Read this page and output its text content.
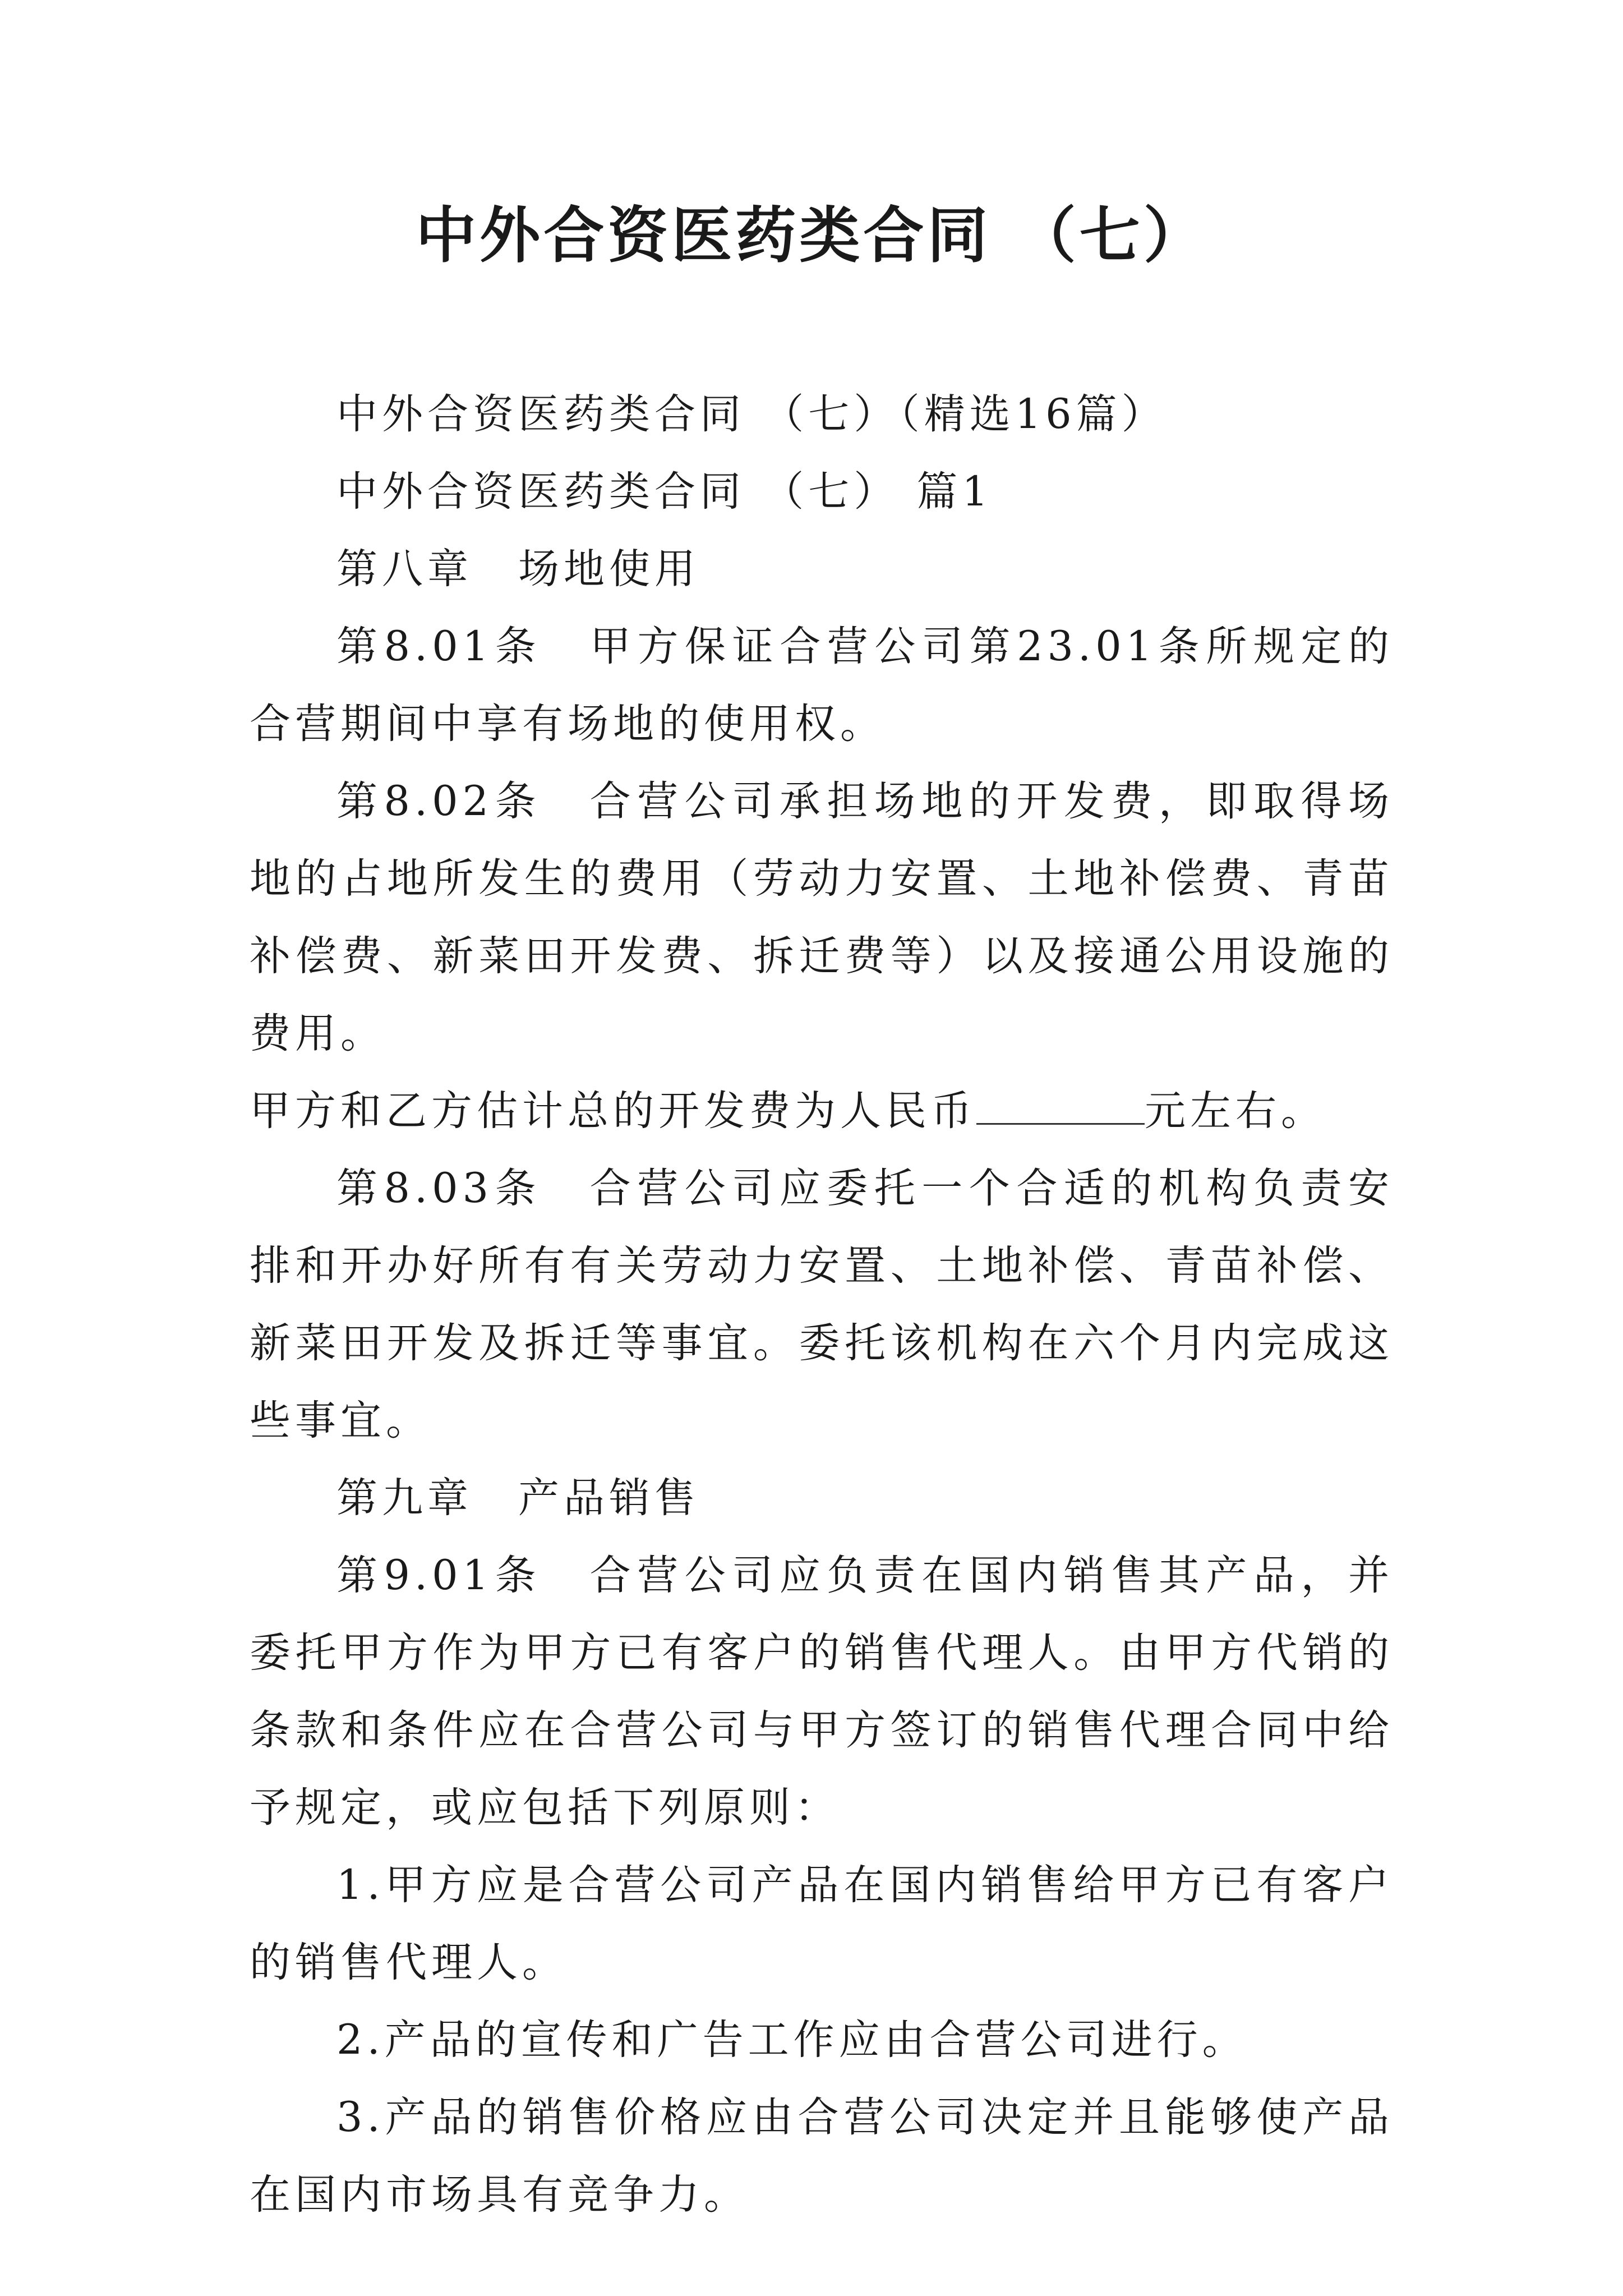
中外合资医药类合同 （七）

中外合资医药类合同 （七）（精选16篇）

中外合资医药类合同 （七） 篇1

第八章　场地使用

第8.01条　甲方保证合营公司第23.01条所规定的合营期间中享有场地的使用权。

第8.02条　合营公司承担场地的开发费，即取得场地的占地所发生的费用（劳动力安置、土地补偿费、青苗补偿费、新菜田开发费、拆迁费等）以及接通公用设施的费用。

甲方和乙方估计总的开发费为人民币	元左右。

第8.03条　合营公司应委托一个合适的机构负责安排和开办好所有有关劳动力安置、土地补偿、青苗补偿、新菜田开发及拆迁等事宜。委托该机构在六个月内完成这些事宜。

第九章　产品销售

第9.01条　合营公司应负责在国内销售其产品，并委托甲方作为甲方已有客户的销售代理人。由甲方代销的条款和条件应在合营公司与甲方签订的销售代理合同中给予规定，或应包括下列原则：

1.甲方应是合营公司产品在国内销售给甲方已有客户的销售代理人。

2.产品的宣传和广告工作应由合营公司进行。

3.产品的销售价格应由合营公司决定并且能够使产品在国内市场具有竞争力。
